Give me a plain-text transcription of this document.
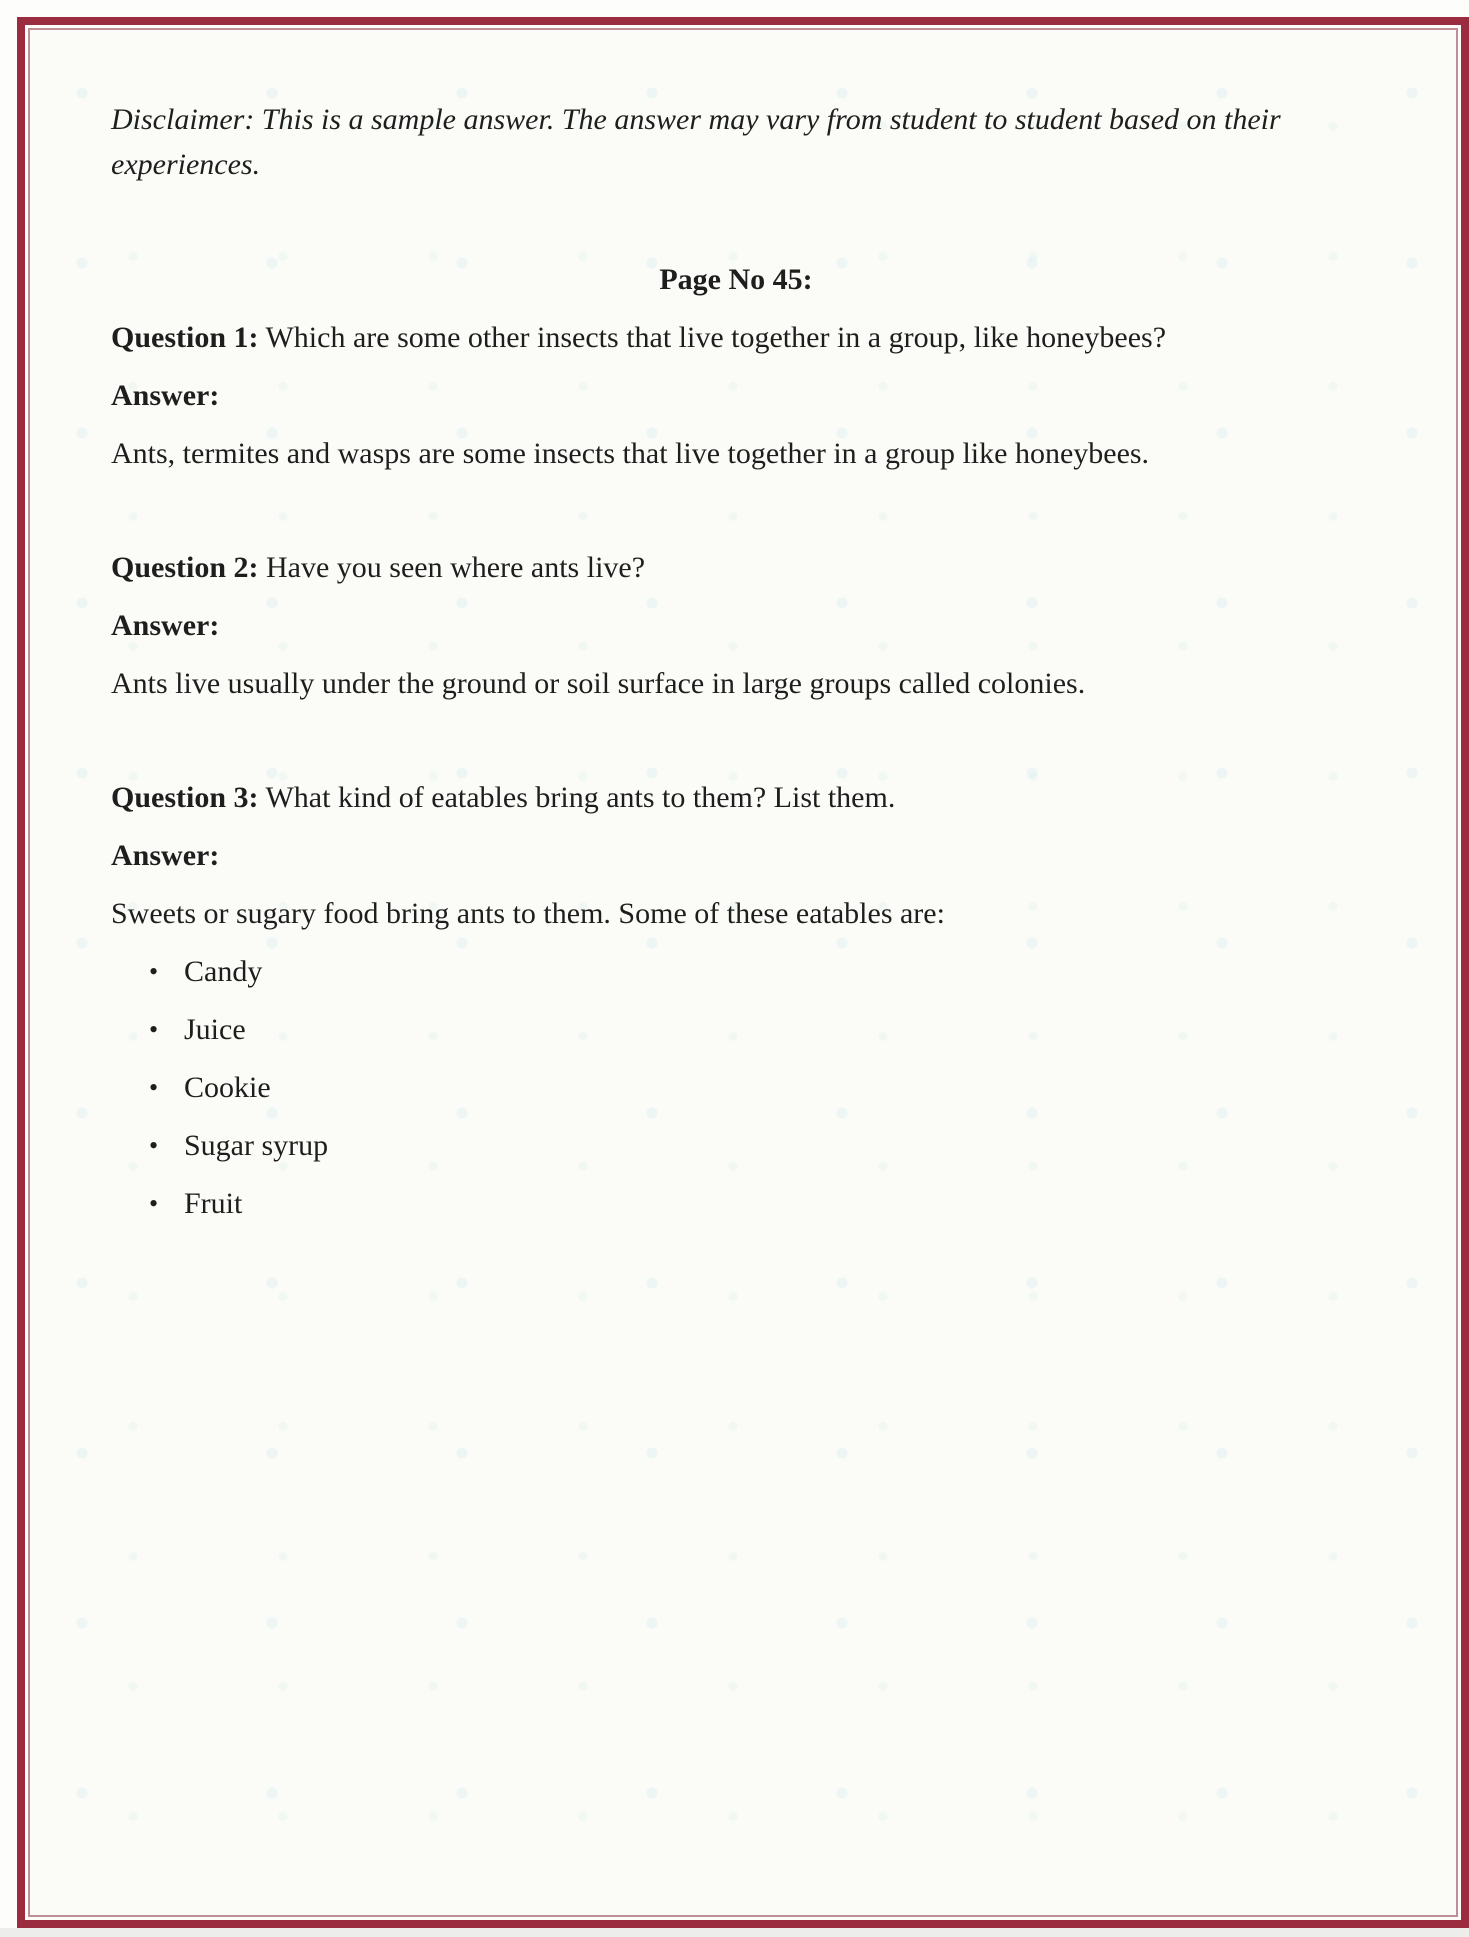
Disclaimer: This is a sample answer. The answer may vary from student to student based on their experiences.

Page No 45:

Question 1: Which are some other insects that live together in a group, like honeybees?

Answer:

Ants, termites and wasps are some insects that live together in a group like honeybees.

Question 2: Have you seen where ants live?

Answer:

Ants live usually under the ground or soil surface in large groups called colonies.

Question 3: What kind of eatables bring ants to them? List them.

Answer:

Sweets or sugary food bring ants to them. Some of these eatables are:

• Candy
• Juice
• Cookie
• Sugar syrup
• Fruit
